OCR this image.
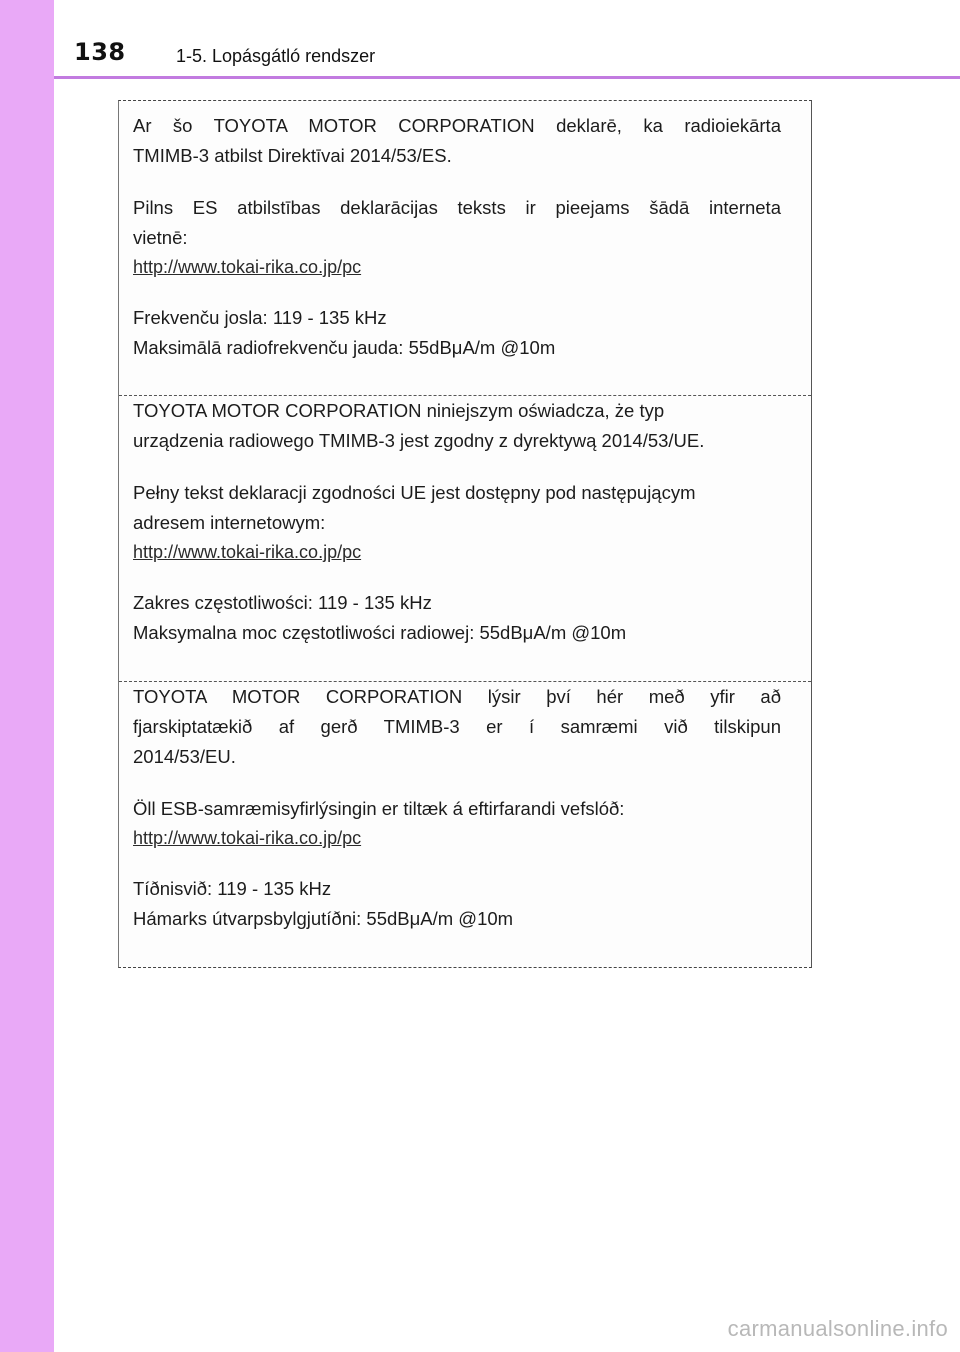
138	1-5. Lopásgátló rendszer

Ar šo TOYOTA MOTOR CORPORATION deklarē, ka radioiekārta

TMIMB-3 atbilst Direktīvai 2014/53/ES.

Pilns ES atbilstības deklarācijas teksts ir pieejams šādā interneta

vietnē:

http://www.tokai-rika.co.jp/pc

Frekvenču josla: 119 - 135 kHz

Maksimālā radiofrekvenču jauda: 55dBμA/m @10m

TOYOTA MOTOR CORPORATION niniejszym oświadcza, że typ

urządzenia radiowego TMIMB-3 jest zgodny z dyrektywą 2014/53/UE.

Pełny tekst deklaracji zgodności UE jest dostępny pod następującym

adresem internetowym:

http://www.tokai-rika.co.jp/pc

Zakres częstotliwości: 119 - 135 kHz

Maksymalna moc częstotliwości radiowej: 55dBμA/m @10m

TOYOTA MOTOR CORPORATION lýsir því hér með yfir að

fjarskiptatækið af gerð TMIMB-3 er í samræmi við tilskipun

2014/53/EU.

Öll ESB-samræmisyfirlýsingin er tiltæk á eftirfarandi vefslóð:

http://www.tokai-rika.co.jp/pc

Tíðnisvið: 119 - 135 kHz

Hámarks útvarpsbylgjutíðni: 55dBμA/m @10m

carmanualsonline.info
